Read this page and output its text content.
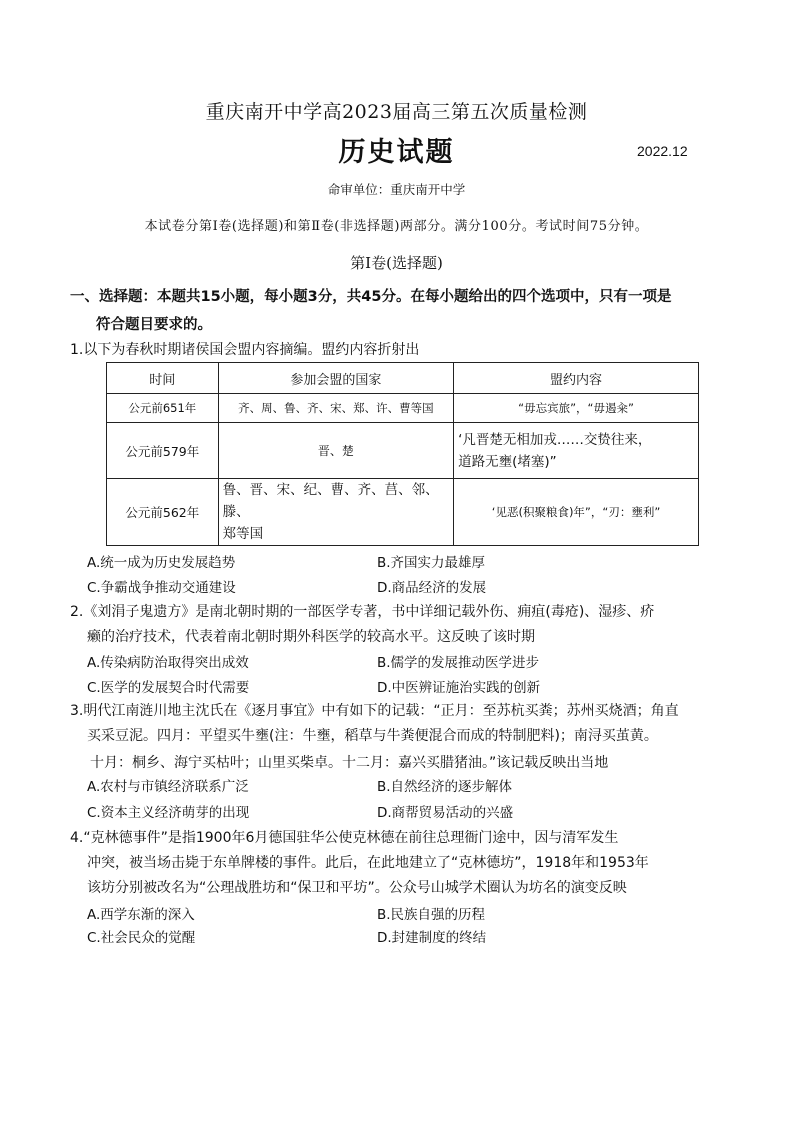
重庆南开中学高2023届高三第五次质量检测
历史试题	2022.12
命审单位：重庆南开中学
本试卷分第Ⅰ卷(选择题)和第Ⅱ卷(非选择题)两部分。满分100分。考试时间75分钟。
第Ⅰ卷(选择题)
一、选择题：本题共15小题，每小题3分，共45分。在每小题给出的四个选项中，只有一项是
符合题目要求的。
1.以下为春秋时期诸侯国会盟内容摘编。盟约内容折射出
时间	参加会盟的国家	盟约内容
公元前651年	齐、周、鲁、齐、宋、郑、许、曹等国	“毋忘宾旅”，“毋遏籴”
公元前579年	晋、楚	‘凡晋楚无相加戎……交贽往来，
道路无壅(堵塞)”

公元前562年	鲁、晋、宋、纪、曹、齐、莒、邻、滕、
郑等国	‘见恶(积聚粮食)年”，“刃：壅利”
A.统一成为历史发展趋势	B.齐国实力最雄厚
C.争霸战争推动交通建设	D.商品经济的发展
2.《刘涓子鬼遗方》是南北朝时期的一部医学专著，书中详细记载外伤、痈疽(毒疮)、湿疹、疥
癞的治疗技术，代表着南北朝时期外科医学的较高水平。这反映了该时期
A.传染病防治取得突出成效	B.儒学的发展推动医学进步
C.医学的发展契合时代需要	D.中医辨证施治实践的创新
3.明代江南涟川地主沈氏在《逐月事宜》中有如下的记载：“正月：至苏杭买粪；苏州买烧酒；角直
买采豆泥。四月：平望买牛壅(注：牛壅，稻草与牛粪便混合而成的特制肥料)；南浔买茧黄。
十月：桐乡、海宁买枯叶；山里买柴卓。十二月：嘉兴买腊猪油。”该记载反映出当地
A.农村与市镇经济联系广泛	B.自然经济的逐步解体
C.资本主义经济萌芽的出现	D.商帮贸易活动的兴盛
4.“克林德事件”是指1900年6月德国驻华公使克林德在前往总理衙门途中，因与清军发生
冲突，被当场击毙于东单牌楼的事件。此后，在此地建立了“克林德坊”，1918年和1953年
该坊分别被改名为“公理战胜坊和“保卫和平坊”。公众号山城学术圈认为坊名的演变反映
A.西学东渐的深入	B.民族自强的历程
C.社会民众的觉醒	D.封建制度的终结
